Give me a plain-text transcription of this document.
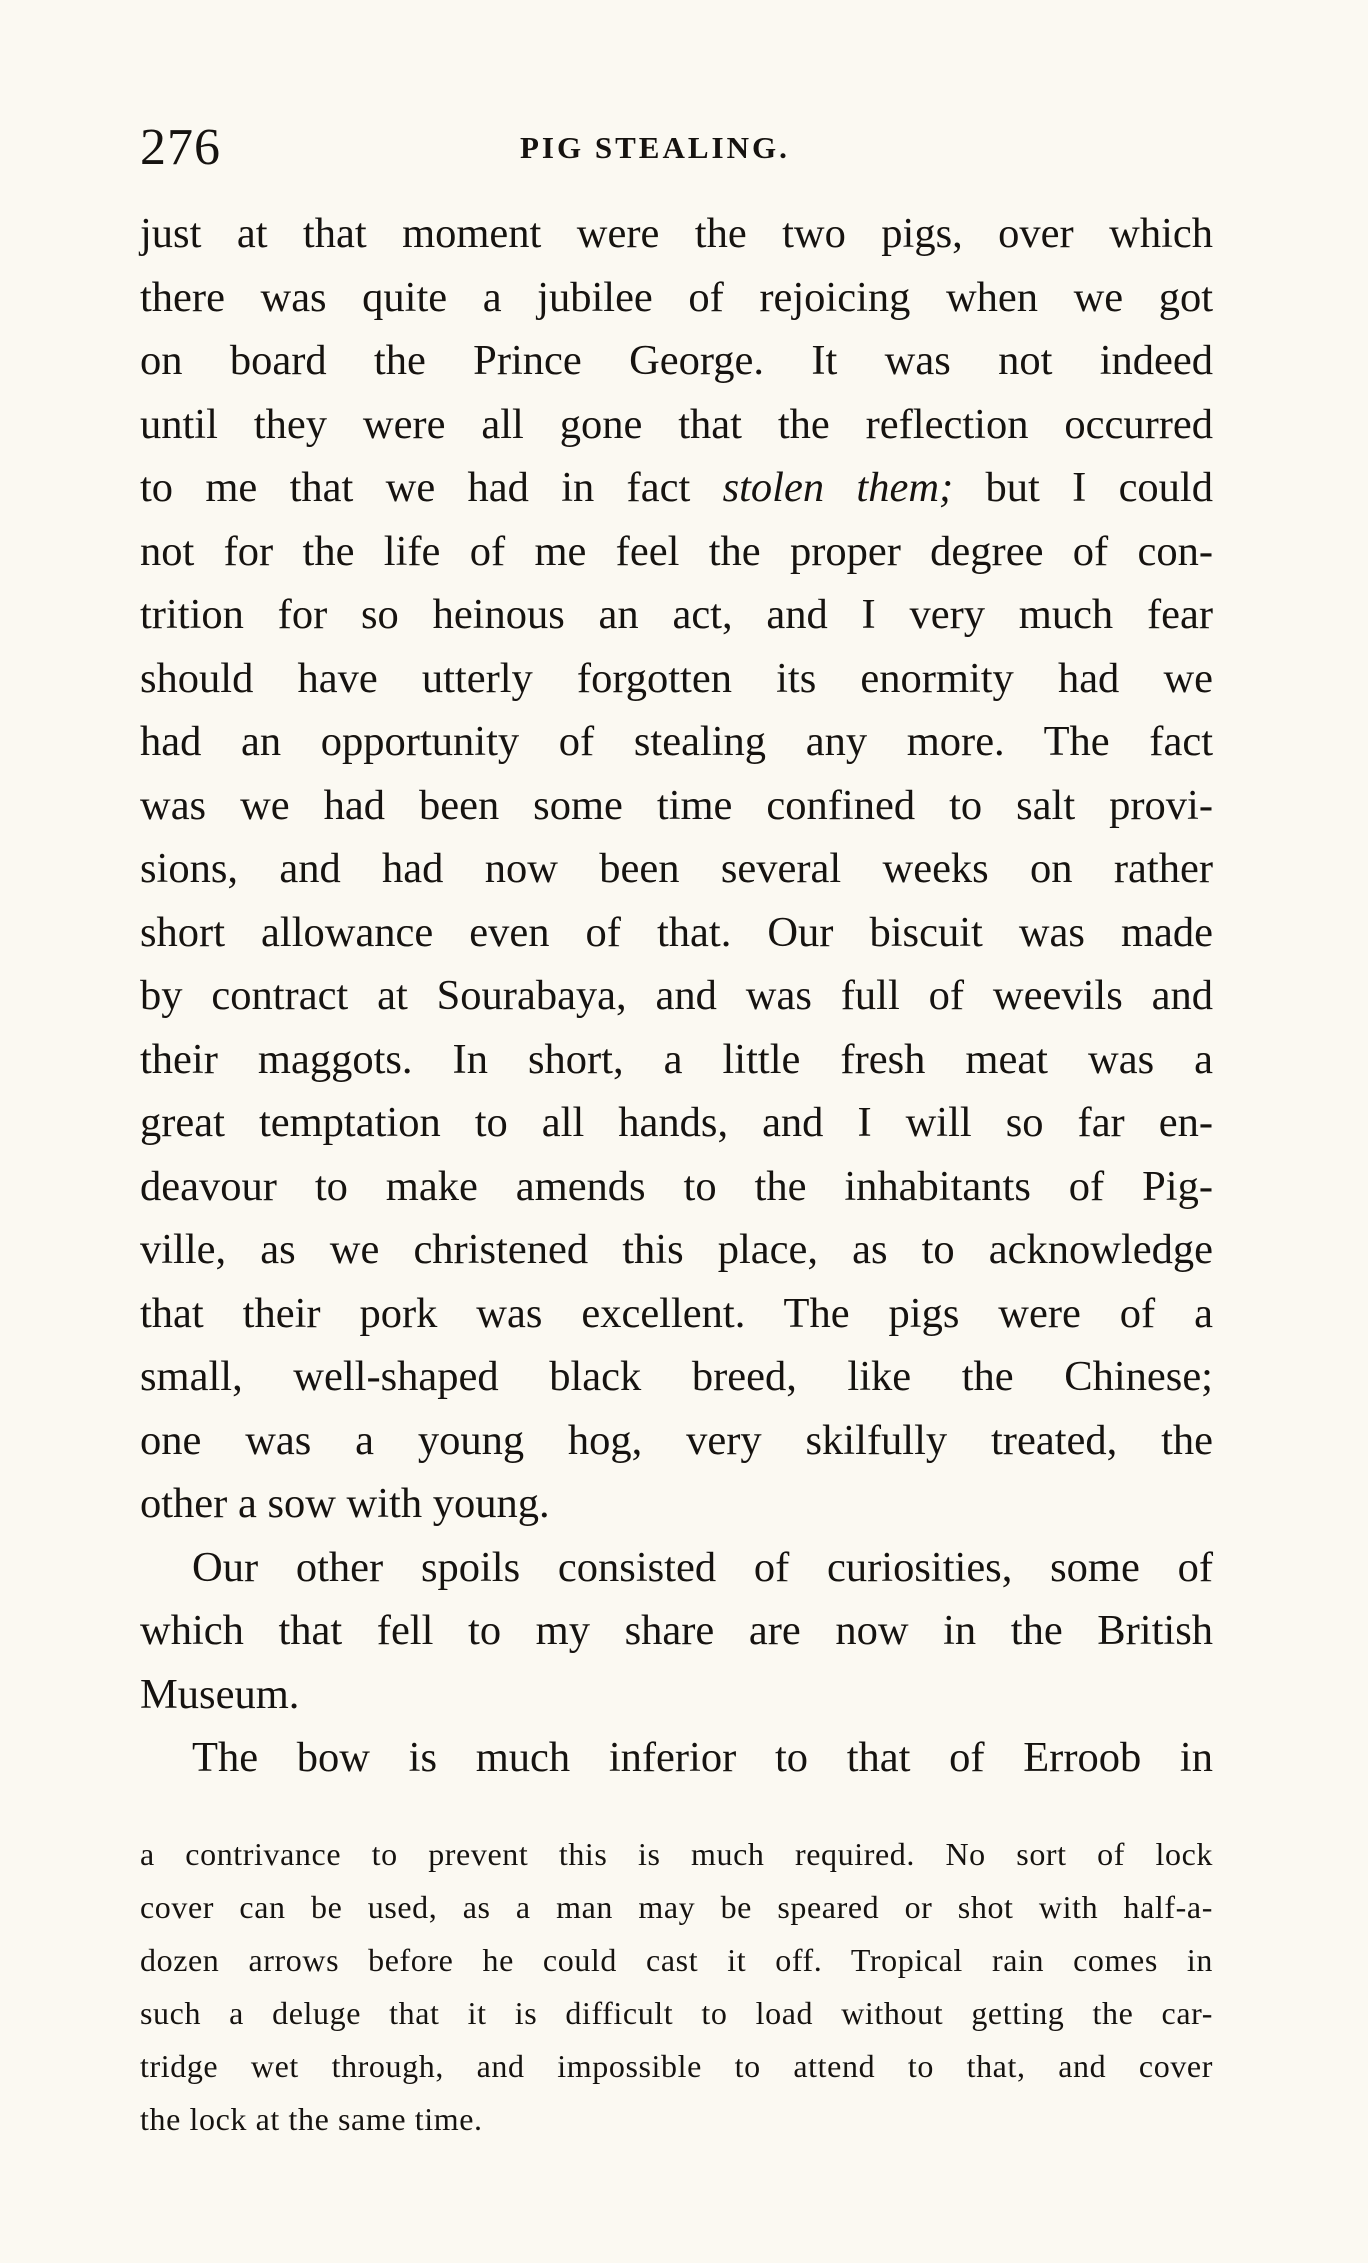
276	PIG STEALING.

just at that moment were the two pigs, over which

there was quite a jubilee of rejoicing when we got

on board the Prince George. It was not indeed

until they were all gone that the reflection occurred

to me that we had in fact stolen them; but I could

not for the life of me feel the proper degree of con-

trition for so heinous an act, and I very much fear

should have utterly forgotten its enormity had we

had an opportunity of stealing any more. The fact

was we had been some time confined to salt provi-

sions, and had now been several weeks on rather

short allowance even of that. Our biscuit was made

by contract at Sourabaya, and was full of weevils and

their maggots. In short, a little fresh meat was a

great temptation to all hands, and I will so far en-

deavour to make amends to the inhabitants of Pig-

ville, as we christened this place, as to acknowledge

that their pork was excellent. The pigs were of a

small, well-shaped black breed, like the Chinese;

one was a young hog, very skilfully treated, the

other a sow with young.

Our other spoils consisted of curiosities, some of

which that fell to my share are now in the British

Museum.

The bow is much inferior to that of Erroob in

a contrivance to prevent this is much required. No sort of lock

cover can be used, as a man may be speared or shot with half-a-

dozen arrows before he could cast it off. Tropical rain comes in

such a deluge that it is difficult to load without getting the car-

tridge wet through, and impossible to attend to that, and cover

the lock at the same time.
